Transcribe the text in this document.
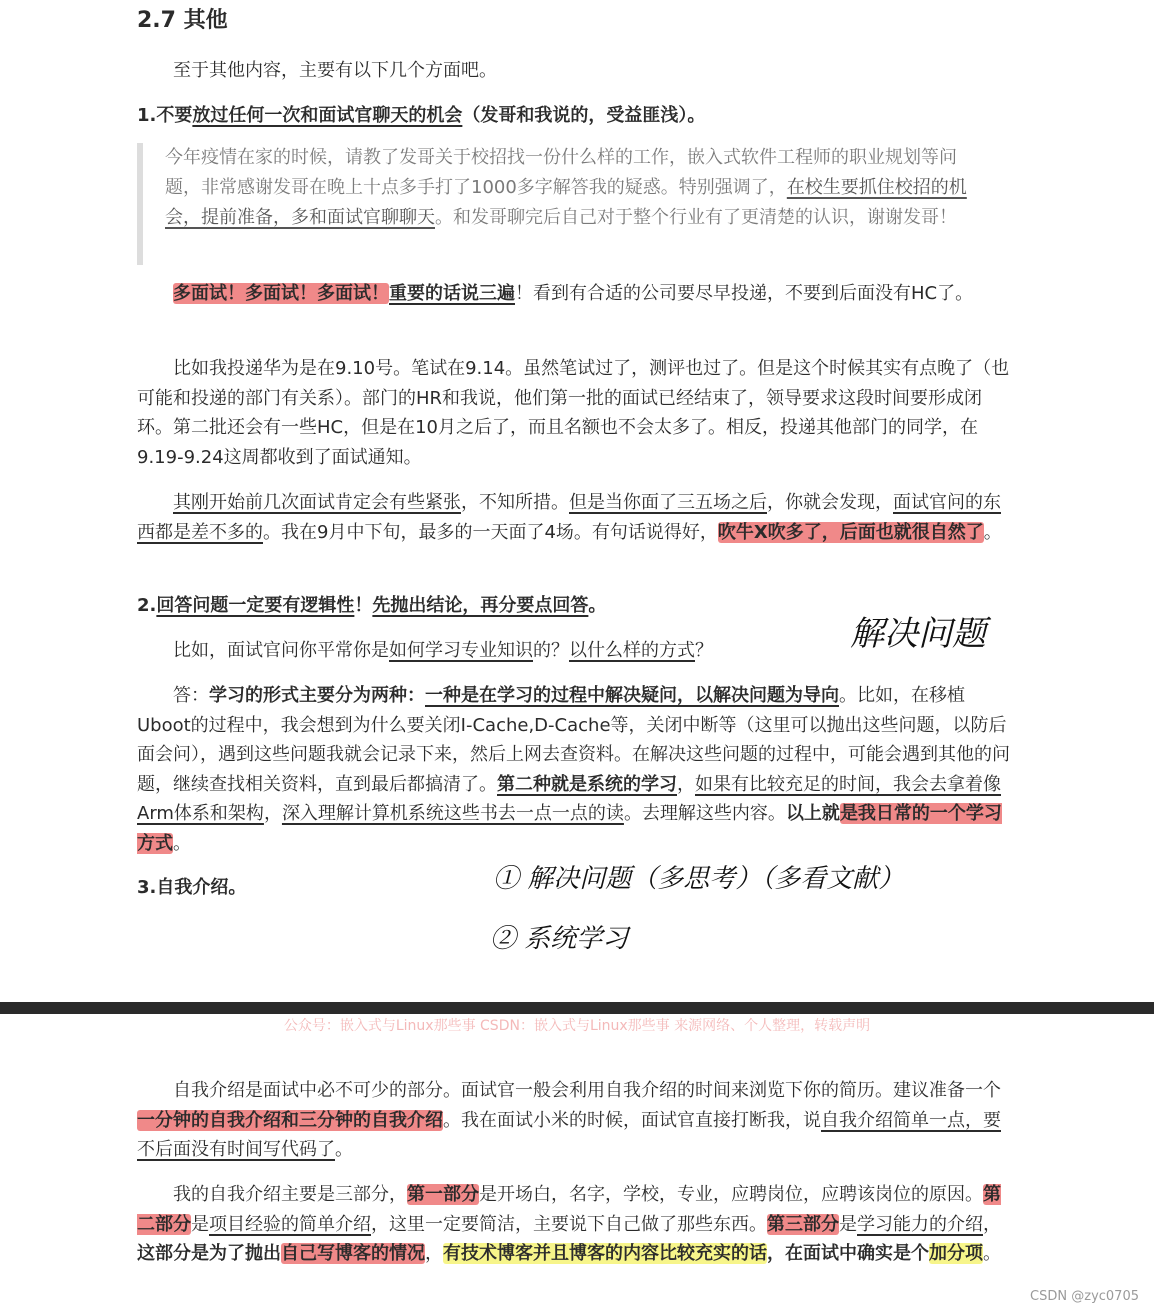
2.7 其他

至于其他内容，主要有以下几个方面吧。

1.不要放过任何一次和面试官聊天的机会（发哥和我说的，受益匪浅）。

今年疫情在家的时候，请教了发哥关于校招找一份什么样的工作，嵌入式软件工程师的职业规划等问题，非常感谢发哥在晚上十点多手打了1000多字解答我的疑惑。特别强调了，在校生要抓住校招的机会，提前准备，多和面试官聊聊天。和发哥聊完后自己对于整个行业有了更清楚的认识，谢谢发哥！

多面试！多面试！多面试！重要的话说三遍！看到有合适的公司要尽早投递，不要到后面没有HC了。

比如我投递华为是在9.10号。笔试在9.14。虽然笔试过了，测评也过了。但是这个时候其实有点晚了（也可能和投递的部门有关系）。部门的HR和我说，他们第一批的面试已经结束了，领导要求这段时间要形成闭环。第二批还会有一些HC，但是在10月之后了，而且名额也不会太多了。相反，投递其他部门的同学，在9.19-9.24这周都收到了面试通知。

其刚开始前几次面试肯定会有些紧张，不知所措。但是当你面了三五场之后，你就会发现，面试官问的东西都是差不多的。我在9月中下旬，最多的一天面了4场。有句话说得好，吹牛X吹多了，后面也就很自然了。

2.回答问题一定要有逻辑性！先抛出结论，再分要点回答。

比如，面试官问你平常你是如何学习专业知识的？以什么样的方式？

答：学习的形式主要分为两种：一种是在学习的过程中解决疑问，以解决问题为导向。比如，在移植Uboot的过程中，我会想到为什么要关闭I-Cache,D-Cache等，关闭中断等（这里可以抛出这些问题，以防后面会问），遇到这些问题我就会记录下来，然后上网去查资料。在解决这些问题的过程中，可能会遇到其他的问题，继续查找相关资料，直到最后都搞清了。第二种就是系统的学习，如果有比较充足的时间，我会去拿着像Arm体系和架构，深入理解计算机系统这些书去一点一点的读。去理解这些内容。以上就是我日常的一个学习方式。

3.自我介绍。

解决问题
① 解决问题（多思考）（多看文献）
② 系统学习
公众号：嵌入式与Linux那些事 CSDN：嵌入式与Linux那些事 来源网络、个人整理，转载声明

自我介绍是面试中必不可少的部分。面试官一般会利用自我介绍的时间来浏览下你的简历。建议准备一个一分钟的自我介绍和三分钟的自我介绍。我在面试小米的时候，面试官直接打断我，说自我介绍简单一点，要不后面没有时间写代码了。

我的自我介绍主要是三部分，第一部分是开场白，名字，学校，专业，应聘岗位，应聘该岗位的原因。第二部分是项目经验的简单介绍，这里一定要简洁，主要说下自己做了那些东西。第三部分是学习能力的介绍，这部分是为了抛出自己写博客的情况，有技术博客并且博客的内容比较充实的话，在面试中确实是个加分项。

CSDN @zyc0705
